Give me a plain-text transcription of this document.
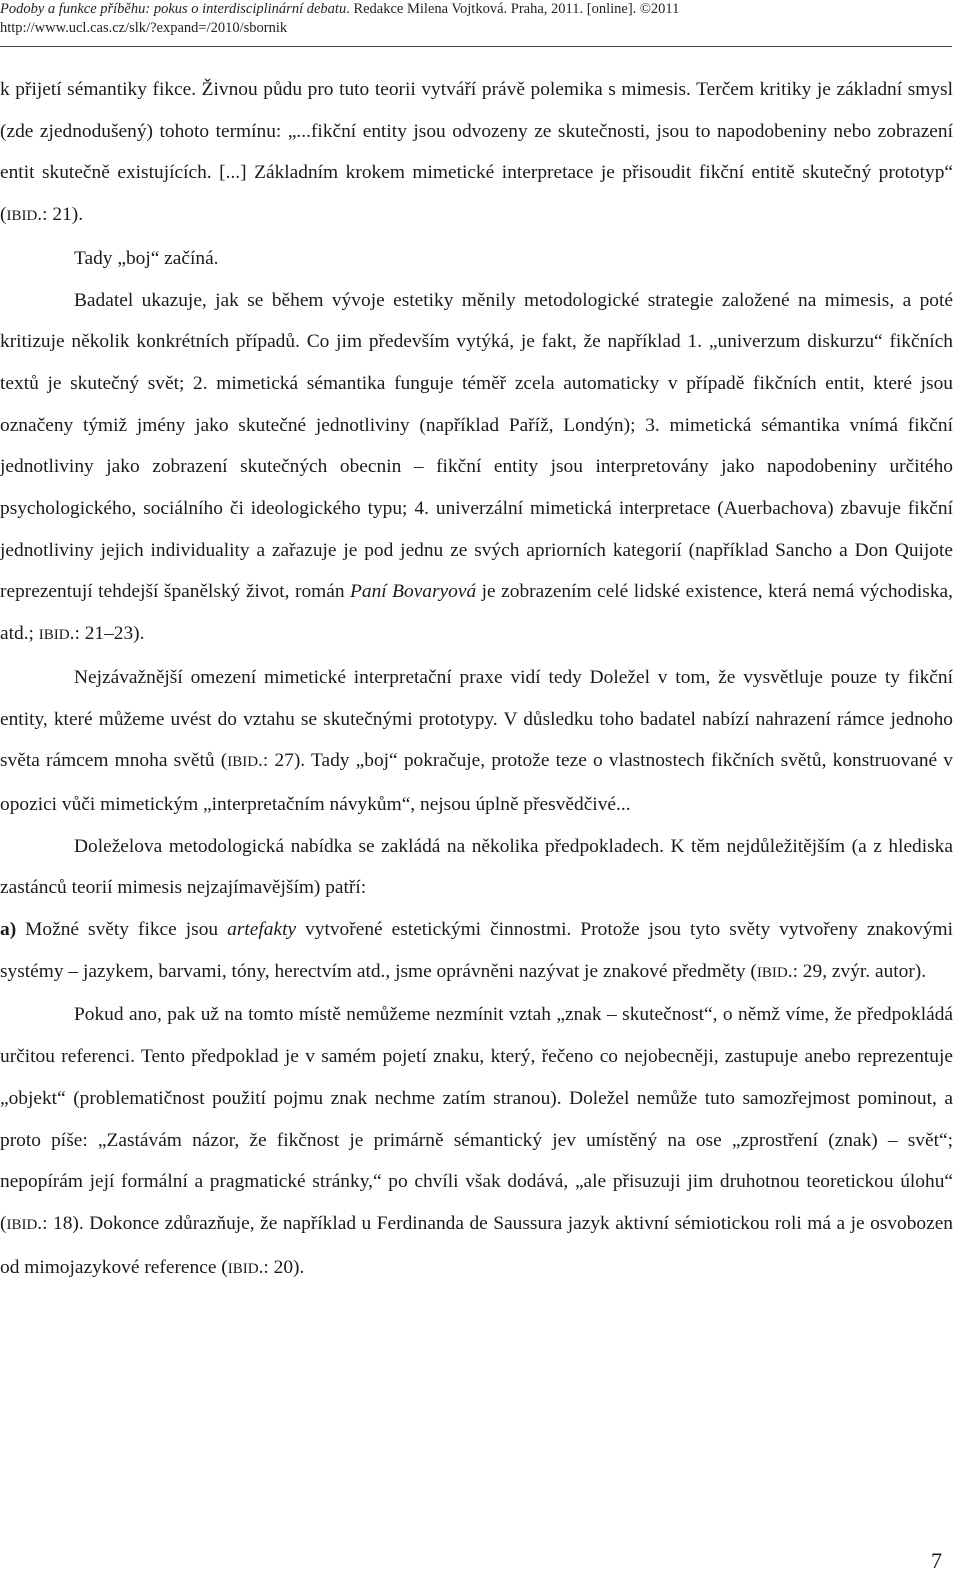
Podoby a funkce příběhu: pokus o interdisciplinární debatu. Redakce Milena Vojtková. Praha, 2011. [online]. ©2011
http://www.ucl.cas.cz/slk/?expand=/2010/sbornik

k přijetí sémantiky fikce. Živnou půdu pro tuto teorii vytváří právě polemika s mimesis. Terčem kritiky je základní smysl (zde zjednodušený) tohoto termínu: „...fikční entity jsou odvozeny ze skutečnosti, jsou to napodobeniny nebo zobrazení entit skutečně existujících. [...] Základním krokem mimetické interpretace je přisoudit fikční entitě skutečný prototyp“ (IBID.: 21).

Tady „boj“ začíná.

Badatel ukazuje, jak se během vývoje estetiky měnily metodologické strategie založené na mimesis, a poté kritizuje několik konkrétních případů. Co jim především vytýká, je fakt, že například 1. „univerzum diskurzu“ fikčních textů je skutečný svět; 2. mimetická sémantika funguje téměř zcela automaticky v případě fikčních entit, které jsou označeny týmiž jmény jako skutečné jednotliviny (například Paříž, Londýn); 3. mimetická sémantika vnímá fikční jednotliviny jako zobrazení skutečných obecnin – fikční entity jsou interpretovány jako napodobeniny určitého psychologického, sociálního či ideologického typu; 4. univerzální mimetická interpretace (Auerbachova) zbavuje fikční jednotliviny jejich individuality a zařazuje je pod jednu ze svých apriorních kategorií (například Sancho a Don Quijote reprezentují tehdejší španělský život, román Paní Bovaryová je zobrazením celé lidské existence, která nemá východiska, atd.; IBID.: 21–23).

Nejzávažnější omezení mimetické interpretační praxe vidí tedy Doležel v tom, že vysvětluje pouze ty fikční entity, které můžeme uvést do vztahu se skutečnými prototypy. V důsledku toho badatel nabízí nahrazení rámce jednoho světa rámcem mnoha světů (IBID.: 27). Tady „boj“ pokračuje, protože teze o vlastnostech fikčních světů, konstruované v opozici vůči mimetickým „interpretačním návykům“, nejsou úplně přesvědčivé...

Doleželova metodologická nabídka se zakládá na několika předpokladech. K těm nejdůležitějším (a z hlediska zastánců teorií mimesis nejzajímavějším) patří:

a) Možné světy fikce jsou artefakty vytvořené estetickými činnostmi. Protože jsou tyto světy vytvořeny znakovými systémy – jazykem, barvami, tóny, herectvím atd., jsme oprávněni nazývat je znakové předměty (IBID.: 29, zvýr. autor).

Pokud ano, pak už na tomto místě nemůžeme nezmínit vztah „znak – skutečnost“, o němž víme, že předpokládá určitou referenci. Tento předpoklad je v samém pojetí znaku, který, řečeno co nejobecněji, zastupuje anebo reprezentuje „objekt“ (problematičnost použití pojmu znak nechme zatím stranou). Doležel nemůže tuto samozřejmost pominout, a proto píše: „Zastávám názor, že fikčnost je primárně sémantický jev umístěný na ose „zprostření (znak) – svět“; nepopírám její formální a pragmatické stránky,“ po chvíli však dodává, „ale přisuzuji jim druhotnou teoretickou úlohu“ (IBID.: 18). Dokonce zdůrazňuje, že například u Ferdinanda de Saussura jazyk aktivní sémiotickou roli má a je osvobozen od mimojazykové reference (IBID.: 20).

7
